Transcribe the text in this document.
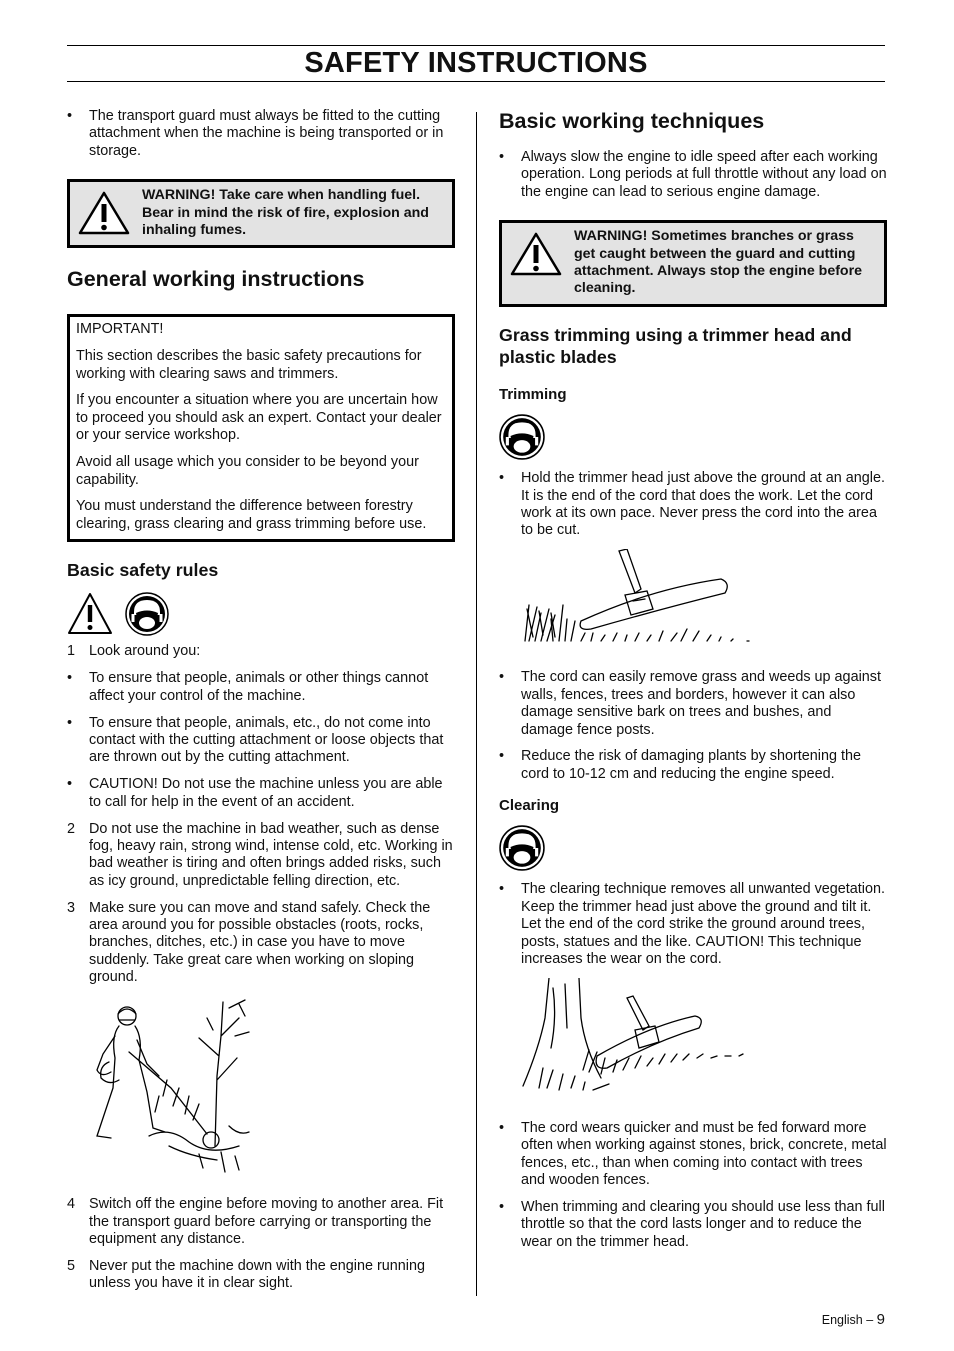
SAFETY INSTRUCTIONS
• The transport guard must always be fitted to the cutting attachment when the machine is being transported or in storage.
WARNING! Take care when handling fuel. Bear in mind the risk of fire, explosion and inhaling fumes.
General working instructions

IMPORTANT!

This section describes the basic safety precautions for working with clearing saws and trimmers.

If you encounter a situation where you are uncertain how to proceed you should ask an expert. Contact your dealer or your service workshop.

Avoid all usage which you consider to be beyond your capability.

You must understand the difference between forestry clearing, grass clearing and grass trimming before use.

Basic safety rules
1 Look around you:
• To ensure that people, animals or other things cannot affect your control of the machine.
• To ensure that people, animals, etc., do not come into contact with the cutting attachment or loose objects that are thrown out by the cutting attachment.
• CAUTION! Do not use the machine unless you are able to call for help in the event of an accident.
2 Do not use the machine in bad weather, such as dense fog, heavy rain, strong wind, intense cold, etc. Working in bad weather is tiring and often brings added risks, such as icy ground, unpredictable felling direction, etc.
3 Make sure you can move and stand safely. Check the area around you for possible obstacles (roots, rocks, branches, ditches, etc.) in case you have to move suddenly. Take great care when working on sloping ground.
4 Switch off the engine before moving to another area. Fit the transport guard before carrying or transporting the equipment any distance.
5 Never put the machine down with the engine running unless you have it in clear sight.
Basic working techniques
• Always slow the engine to idle speed after each working operation. Long periods at full throttle without any load on the engine can lead to serious engine damage.
WARNING! Sometimes branches or grass get caught between the guard and cutting attachment. Always stop the engine before cleaning.
Grass trimming using a trimmer head and plastic blades
Trimming
• Hold the trimmer head just above the ground at an angle. It is the end of the cord that does the work. Let the cord work at its own pace. Never press the cord into the area to be cut.
• The cord can easily remove grass and weeds up against walls, fences, trees and borders, however it can also damage sensitive bark on trees and bushes, and damage fence posts.
• Reduce the risk of damaging plants by shortening the cord to 10-12 cm and reducing the engine speed.
Clearing
• The clearing technique removes all unwanted vegetation. Keep the trimmer head just above the ground and tilt it. Let the end of the cord strike the ground around trees, posts, statues and the like. CAUTION! This technique increases the wear on the cord.
• The cord wears quicker and must be fed forward more often when working against stones, brick, concrete, metal fences, etc., than when coming into contact with trees and wooden fences.
• When trimming and clearing you should use less than full throttle so that the cord lasts longer and to reduce the wear on the trimmer head.
English – 9
